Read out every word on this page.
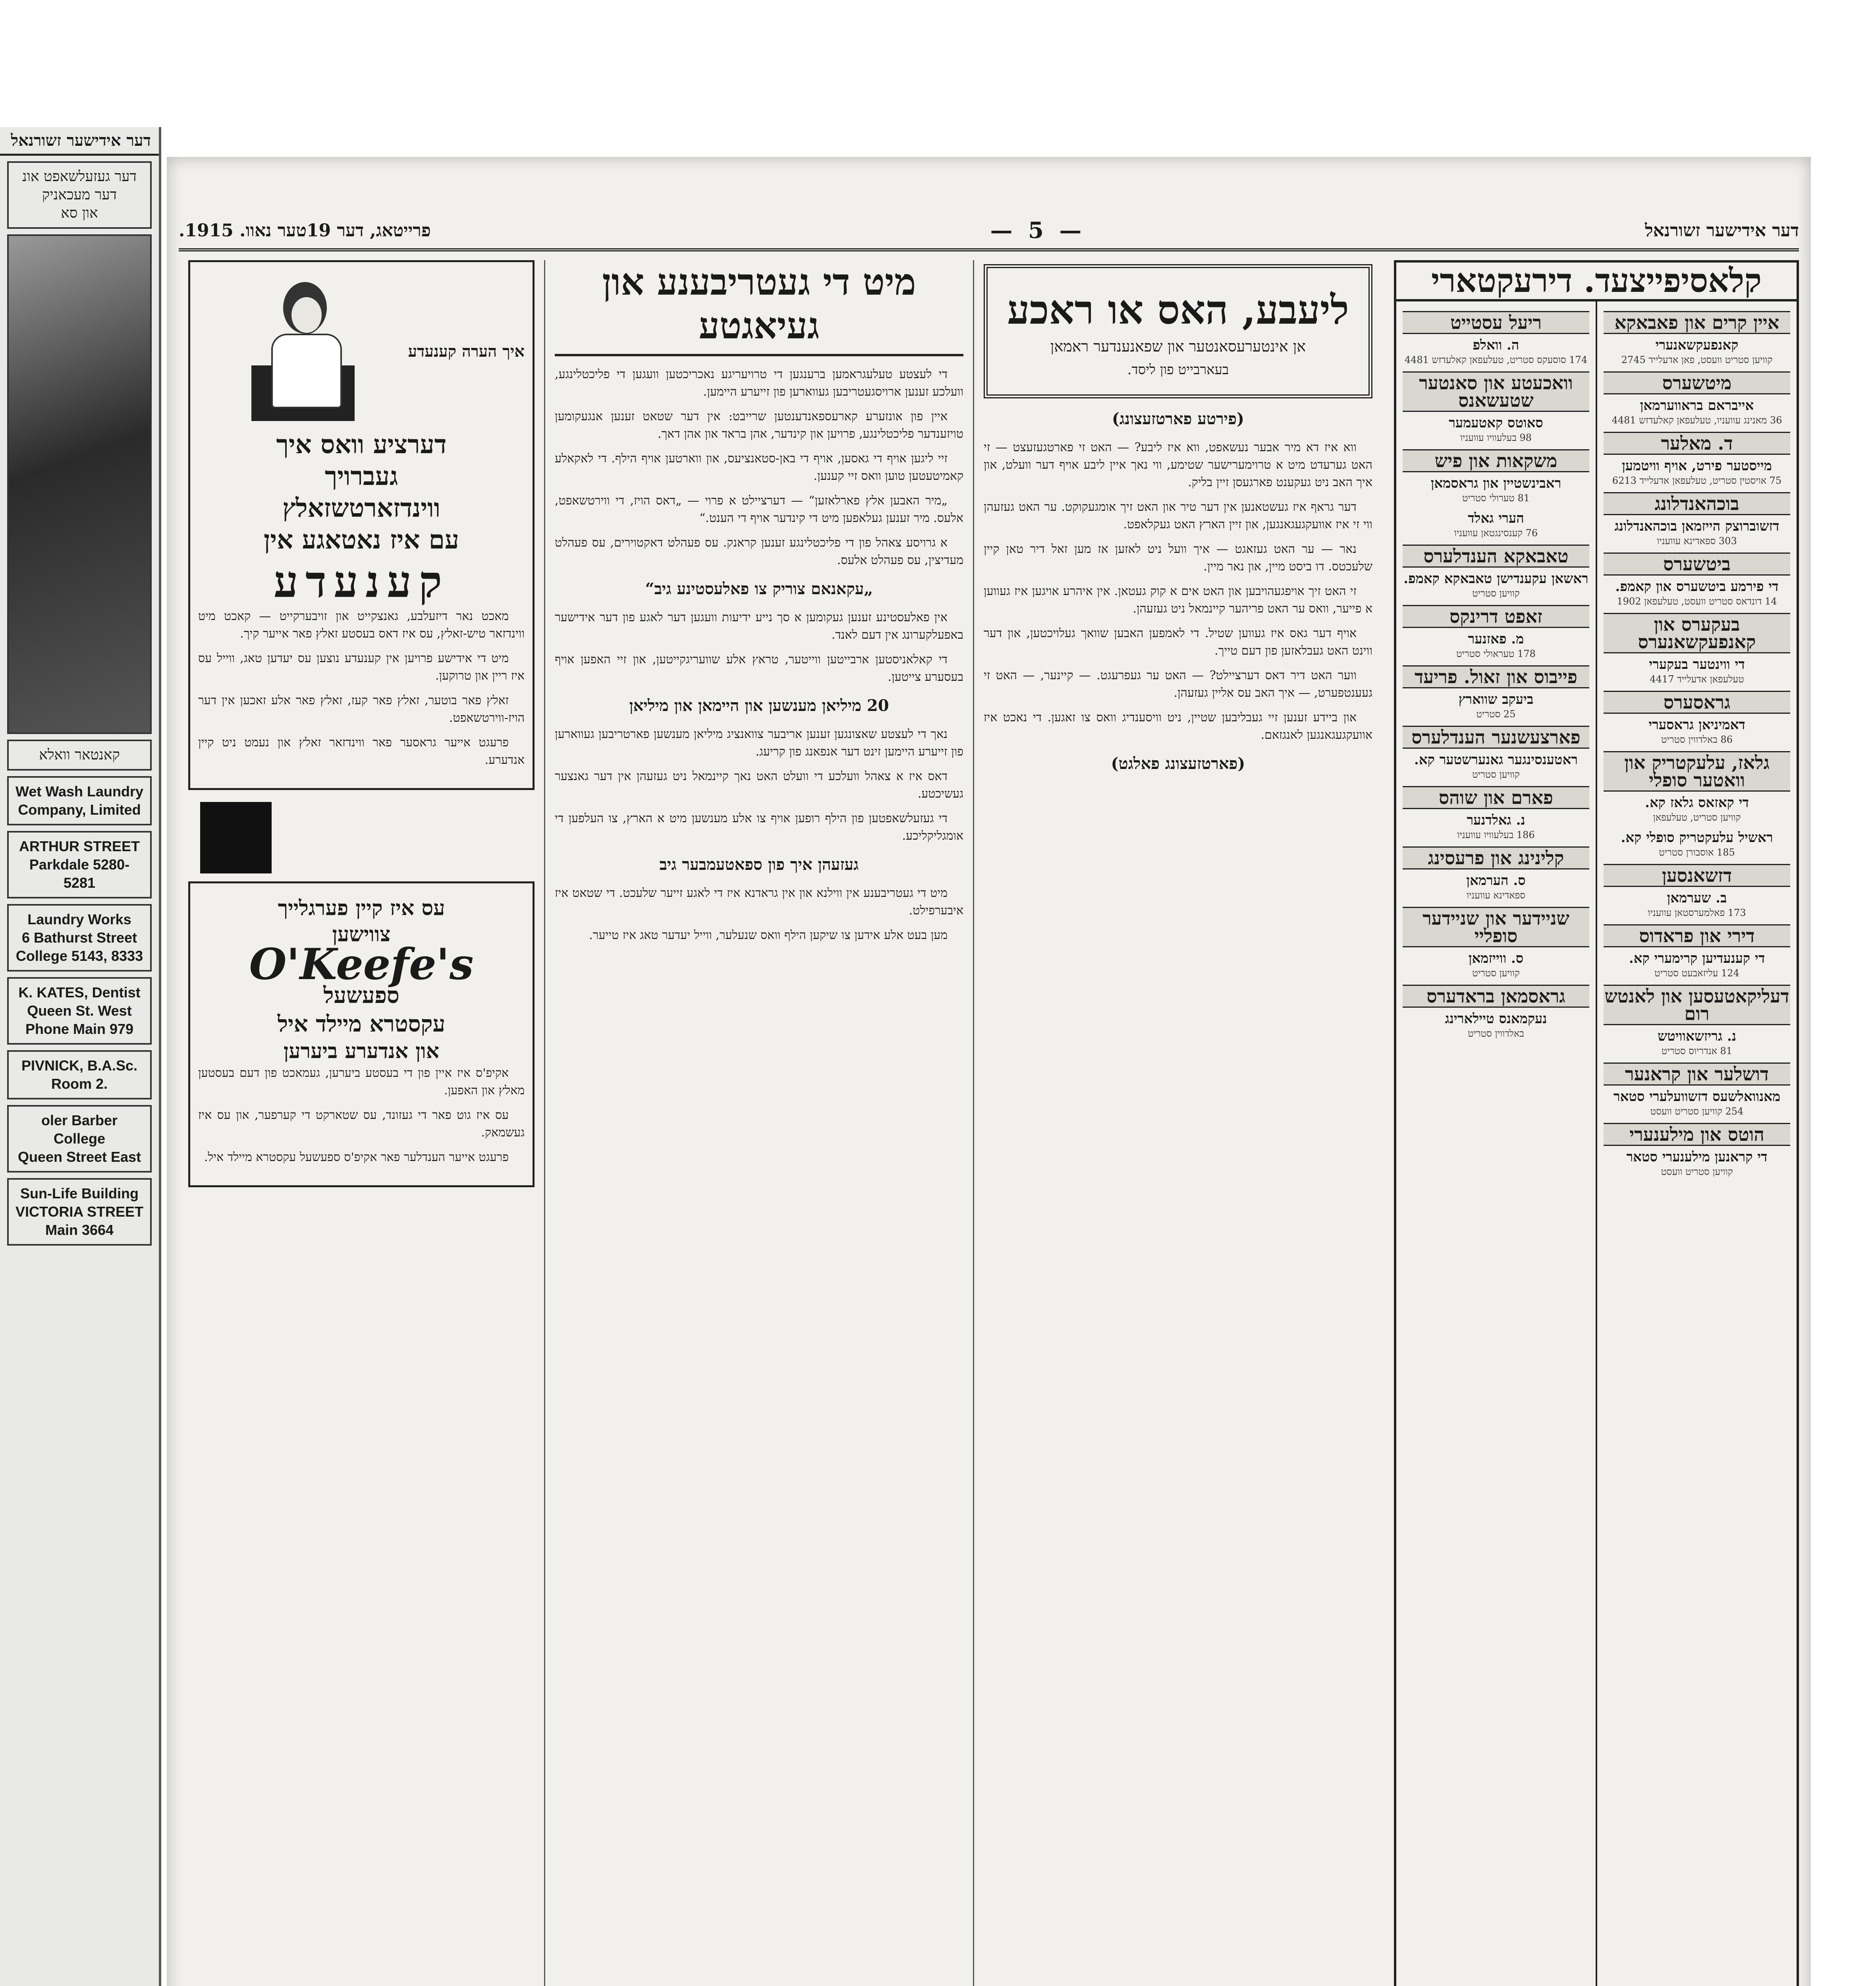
דער אידישער זשורנאל
דער געזעלשאפט אונ
דער מעכאניק
און סא
קאנטאר וואלא
Wet Wash Laundry
Company, Limited
ARTHUR STREET
Parkdale 5280-5281
Laundry Works
6 Bathurst Street
College 5143, 8333
K. KATES, Dentist
Queen St. West
Phone Main 979
PIVNICK, B.A.Sc.
Room 2.
oler Barber College
Queen Street East
Sun-Life Building
VICTORIA STREET
Main 3664
דער אידישער זשורנאל
— 5 —
פרייטאג, דער 19טער נאוו. 1915.
קלאסיפייצעד. דירעקטארי
איין קרים און פאבאקא
קאנפעקשאנערי
קוויען סטריט וועסט, פאן אדעלייד 2745
מיטשערס
אייבראם בראווערמאן
36 מאנינג עוועניו, טעלעפאן קאלעדזש 4481
ד. מאלער
מייסטער פירט, אויף וויטמען
75 אויסטין סטריט, טעלעפאן אדעלייד 6213
בוכהאנדלונג
דזשוברוצק הייזמאן בוכהאנדלונג
303 ספאדינא עוועניו
ביטשערס
די פירמע ביטשערס און קאמפ.
14 דונדאס סטריט וועסט, טעלעפאן 1902
בעקערס און קאנפעקשאנערס
די ווינטער בעקערי
טעלעפאן אדעלייד 4417
גראסערס
דאמיניאן גראסערי
86 באלדווין סטריט
גלאז, עלעקטריק און וואטער סופלי
די קאזאס גלאז קא.
קוויען סטריט, טעלעפאן
ראשיל עלעקטריק סופלי קא.
185 אוסבורן סטריט
דזשאנסען
ב. שערמאן
173 פאלמערסטאן עוועניו
דירי און פראדוס
די קענעדיען קרימערי קא.
124 עליזאבעט סטריט
דעליקאטעסען און לאנטש רום
נ. גריזשאוויטש
81 אנדריוס סטריט
דושלער און קראנער
מאנוואלשעס דזשוועלערי סטאר
254 קוויען סטריט וועסט
הוטס און מילענערי
די קראנען מילענערי סטאר
קוויען סטריט וועסט
ריעל עסטייט
ה. וואלפ
174 סוסעקס סטריט, טעלעפאן קאלעדזש 4481
וואכעטע און סאנטער שטעשאנס
סאוטס קאטעמער
98 בעלעוויו עוועניו
משקאות און פיש
ראבינשטיין און גראסמאן
81 טערולי סטריט
הערי גאלד
76 קענסינגטאן עוועניו
טאבאקא הענדלערס
ראשאן עקענדישן טאבאקא קאמפ.
קוויען סטריט
זאפט דרינקס
מ. פאזנער
178 טעראולי סטריט
פייבוס און זאול. פריעד
ביעקב שווארץ
25 סטריט
פארצעשנער הענדלערס
ראטענסינגער גאנערשטער קא.
קוויען סטריט
פארם און שוהס
נ. גאלדנער
186 בעלעוויו עוועניו
קלינינג און פרעסינג
ס. הערמאן
ספאדינא עוועניו
שניידער און שניידער סופליי
ס. ווייזמאן
קוויען סטריט
גראסמאן בראדערס
נעקמאנס טיילארינג
באלדווין סטריט
ליעבע, האס או ראכע
אן אינטערעסאנטער און שפאנענדער ראמאן
בעארבייט פון ליסד.
(פירטע פארטזעצונג)

ווא איז דא מיר אבער נעשאפט, ווא איז ליבע? — האט זי פארטגעזעצט — זי האט גערעדט מיט א טרוימערישער שטימע, ווי נאך איין ליבע אויף דער וועלט, און איך האב ניט געקענט פארגעסן זיין בליק.

דער גראף איז געשטאנען אין דער טיר און האט זיך אומגעקוקט. ער האט געזעהן ווי זי איז אוועקגעגאנגען, און זיין הארץ האט געקלאפט.

נאר — ער האט געזאגט — איך וועל ניט לאזען אז מען זאל דיר טאן קיין שלעכטס. דו ביסט מיין, און נאר מיין.

זי האט זיך אויפגעהויבען און האט אים א קוק געטאן. אין איהרע אויגען איז געווען א פייער, וואס ער האט פריהער קיינמאל ניט געזעהן.

אויף דער גאס איז געווען שטיל. די לאמפען האבען שוואך געלויכטען, און דער ווינט האט געבלאזען פון דעם טייך.

ווער האט דיר דאס דערציילט? — האט ער געפרעגט. — קיינער, — האט זי געענטפערט, — איך האב עס אליין געזעהן.

און ביידע זענען זיי געבליבען שטיין, ניט וויסענדיג וואס צו זאגען. די נאכט איז אוועקגעגאנגען לאנגזאם.

(פארטזעצונג פאלגט)
מיט די געטריבענע און געיאגטע

די לעצטע טעלעגראמען ברענגען די טרויעריגע נאכריכטען וועגען די פליכטלינגע, וועלכע זענען ארויסגעטריבען געווארען פון זייערע היימען.

איין פון אונזערע קארעספאנדענטען שרייבט: אין דער שטאט זענען אנגעקומען טויזענדער פליכטלינגע, פרויען און קינדער, אהן בראד און אהן דאך.

זיי ליגען אויף די גאסען, אויף די באן-סטאנציעס, און ווארטען אויף הילף. די לאקאלע קאמיטעטען טוען וואס זיי קענען.

„מיר האבען אלץ פארלאזען“ — דערציילט א פרוי — „דאס הויז, די ווירטשאפט, אלעס. מיר זענען געלאפען מיט די קינדער אויף די הענט.“

א גרויסע צאהל פון די פליכטלינגע זענען קראנק. עס פעהלט דאקטוירים, עס פעהלט מעדיצין, עס פעהלט אלעס.

„עקאנאם צוריק צו פאלעסטינע גיב“

אין פאלעסטינע זענען געקומען א סך נייע ידיעות וועגען דער לאגע פון דער אידישער באפעלקערונג אין דעם לאנד.

די קאלאניסטען ארבייטען ווייטער, טראץ אלע שוועריגקייטען, און זיי האפען אויף בעסערע צייטען.

20 מיליאן מענשען און היימאן און מיליאן

נאך די לעצטע שאצונגען זענען אריבער צוואנציג מיליאן מענשען פארטריבען געווארען פון זייערע היימען זינט דער אנפאנג פון קריעג.

דאס איז א צאהל וועלכע די וועלט האט נאך קיינמאל ניט געזעהן אין דער גאנצער געשיכטע.

די געזעלשאפטען פון הילף רופען אויף צו אלע מענשען מיט א הארץ, צו העלפען די אומגליקליכע.

געזעהן איך פון ספאטעמבער גיב

מיט די געטריבענע אין ווילנא און אין גראדנא איז די לאגע זייער שלעכט. די שטאט איז איבערפילט.

מען בעט אלע אידען צו שיקען הילף וואס שנעלער, ווייל יעדער טאג איז טייער.

איך הערה קענעדע
דערציע וואס איך
געברויך
ווינדזארטשזאלץ
עם איז נאטאגע אין
קענעדע

מאכט נאר דיזעלבע, גאנצקייט און זויבערקייט — קאכט מיט ווינדזאר טיש-זאלץ, עס איז דאס בעסטע זאלץ פאר אייער קיך.

מיט די אידישע פרויען אין קענעדע נוצען עס יעדען טאג, ווייל עס איז ריין און טרוקען.

זאלץ פאר בוטער, זאלץ פאר קעז, זאלץ פאר אלע זאכען אין דער הויז-ווירטשאפט.

פרעגט אייער גראסער פאר ווינדזאר זאלץ און נעמט ניט קיין אנדערע.

עס איז קיין פערגלייך
צווישען
O'Keefe's
ספעשעל
עקסטרא מיילד איל
און אנדערע ביערען

אקיפ'ס איז איין פון די בעסטע ביערען, געמאכט פון דעם בעסטען מאלץ און האפען.

עס איז גוט פאר די געזונד, עס שטארקט די קערפער, און עס איז געשמאק.

פרעגט אייער הענדלער פאר אקיפ'ס ספעשעל עקסטרא מיילד איל.
